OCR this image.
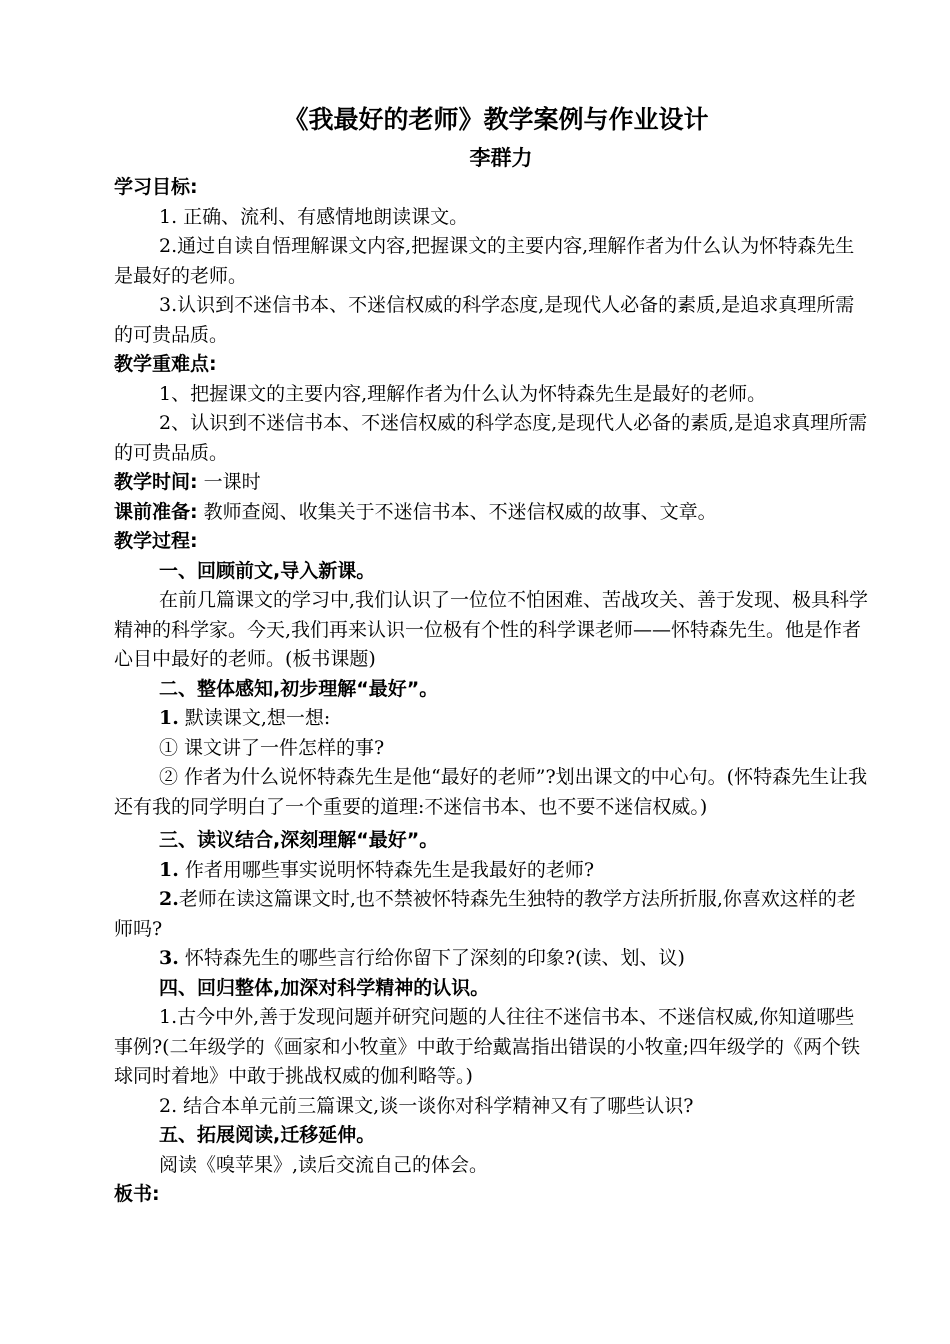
《我最好的老师》教学案例与作业设计
李群力

学习目标:

1. 正确、流利、有感情地朗读课文。

2.通过自读自悟理解课文内容,把握课文的主要内容,理解作者为什么认为怀特森先生是最好的老师。

3.认识到不迷信书本、不迷信权威的科学态度,是现代人必备的素质,是追求真理所需的可贵品质。

教学重难点:

1、把握课文的主要内容,理解作者为什么认为怀特森先生是最好的老师。

2、认识到不迷信书本、不迷信权威的科学态度,是现代人必备的素质,是追求真理所需的可贵品质。

教学时间: 一课时

课前准备: 教师查阅、收集关于不迷信书本、不迷信权威的故事、文章。

教学过程:

一、回顾前文,导入新课。

在前几篇课文的学习中,我们认识了一位位不怕困难、苦战攻关、善于发现、极具科学精神的科学家。今天,我们再来认识一位极有个性的科学课老师——怀特森先生。他是作者心目中最好的老师。(板书课题)

二、整体感知,初步理解“最好”。

1. 默读课文,想一想:

① 课文讲了一件怎样的事?

② 作者为什么说怀特森先生是他“最好的老师”?划出课文的中心句。(怀特森先生让我还有我的同学明白了一个重要的道理:不迷信书本、也不要不迷信权威。)

三、读议结合,深刻理解“最好”。

1. 作者用哪些事实说明怀特森先生是我最好的老师?

2.老师在读这篇课文时,也不禁被怀特森先生独特的教学方法所折服,你喜欢这样的老师吗?

3. 怀特森先生的哪些言行给你留下了深刻的印象?(读、划、议)

四、回归整体,加深对科学精神的认识。

1.古今中外,善于发现问题并研究问题的人往往不迷信书本、不迷信权威,你知道哪些事例?(二年级学的《画家和小牧童》中敢于给戴嵩指出错误的小牧童;四年级学的《两个铁球同时着地》中敢于挑战权威的伽利略等。)

2. 结合本单元前三篇课文,谈一谈你对科学精神又有了哪些认识?

五、拓展阅读,迁移延伸。

阅读《嗅苹果》,读后交流自己的体会。

板书:
